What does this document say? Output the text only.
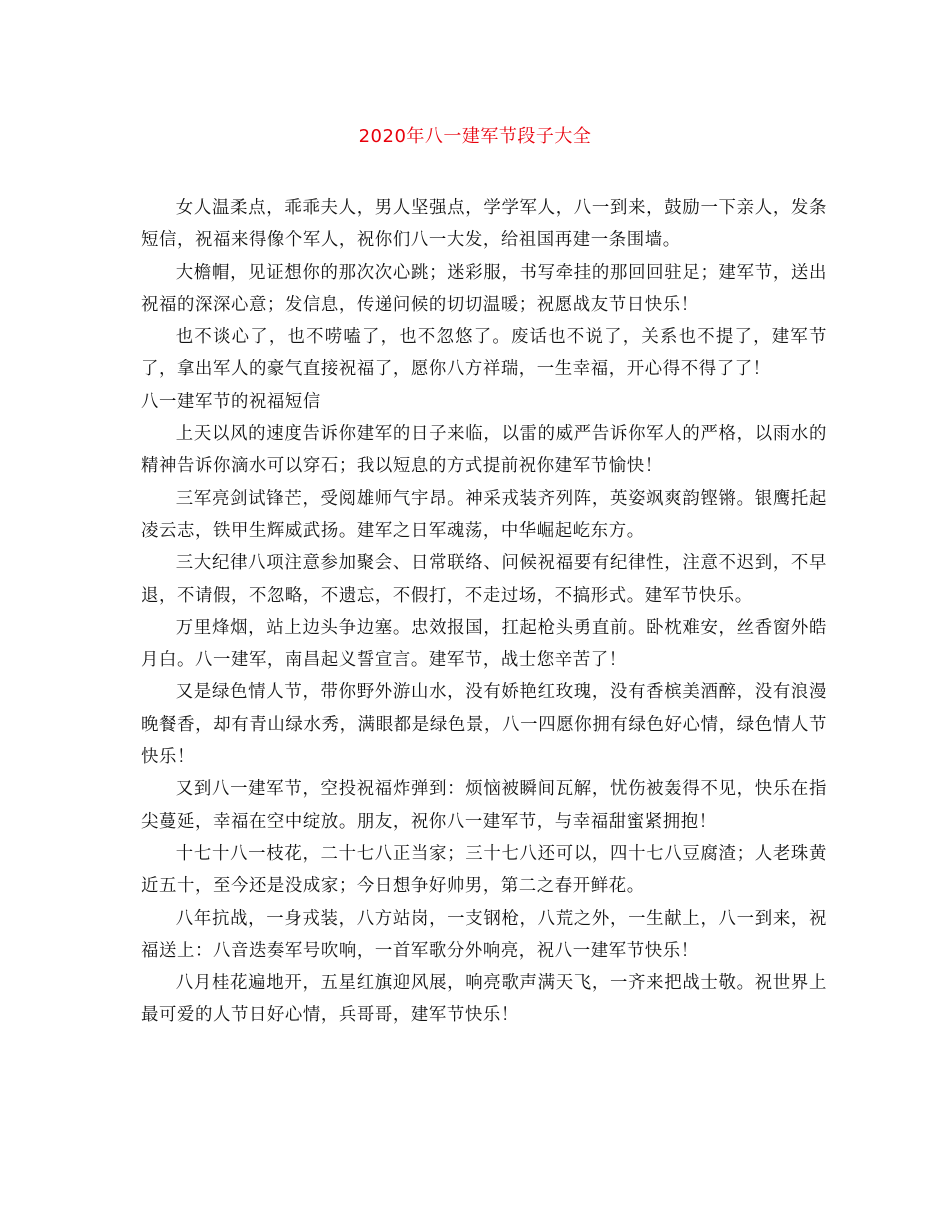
2020年八一建军节段子大全

女人温柔点，乖乖夫人，男人坚强点，学学军人，八一到来，鼓励一下亲人，发条短信，祝福来得像个军人，祝你们八一大发，给祖国再建一条围墙。

大檐帽，见证想你的那次次心跳；迷彩服，书写牵挂的那回回驻足；建军节，送出祝福的深深心意；发信息，传递问候的切切温暖；祝愿战友节日快乐！

也不谈心了，也不唠嗑了，也不忽悠了。废话也不说了，关系也不提了，建军节了，拿出军人的豪气直接祝福了，愿你八方祥瑞，一生幸福，开心得不得了了！

八一建军节的祝福短信

上天以风的速度告诉你建军的日子来临，以雷的威严告诉你军人的严格，以雨水的精神告诉你滴水可以穿石；我以短息的方式提前祝你建军节愉快！

三军亮剑试锋芒，受阅雄师气宇昂。神采戎装齐列阵，英姿飒爽韵铿锵。银鹰托起凌云志，铁甲生辉威武扬。建军之日军魂荡，中华崛起屹东方。

三大纪律八项注意参加聚会、日常联络、问候祝福要有纪律性，注意不迟到，不早退，不请假，不忽略，不遗忘，不假打，不走过场，不搞形式。建军节快乐。

万里烽烟，站上边头争边塞。忠效报国，扛起枪头勇直前。卧枕难安，丝香窗外皓月白。八一建军，南昌起义誓宣言。建军节，战士您辛苦了！

又是绿色情人节，带你野外游山水，没有娇艳红玫瑰，没有香槟美酒醉，没有浪漫晚餐香，却有青山绿水秀，满眼都是绿色景，八一四愿你拥有绿色好心情，绿色情人节快乐！

又到八一建军节，空投祝福炸弹到：烦恼被瞬间瓦解，忧伤被轰得不见，快乐在指尖蔓延，幸福在空中绽放。朋友，祝你八一建军节，与幸福甜蜜紧拥抱！

十七十八一枝花，二十七八正当家；三十七八还可以，四十七八豆腐渣；人老珠黄近五十，至今还是没成家；今日想争好帅男，第二之春开鲜花。

八年抗战，一身戎装，八方站岗，一支钢枪，八荒之外，一生献上，八一到来，祝福送上：八音迭奏军号吹响，一首军歌分外响亮，祝八一建军节快乐！

八月桂花遍地开，五星红旗迎风展，响亮歌声满天飞，一齐来把战士敬。祝世界上最可爱的人节日好心情，兵哥哥，建军节快乐！
